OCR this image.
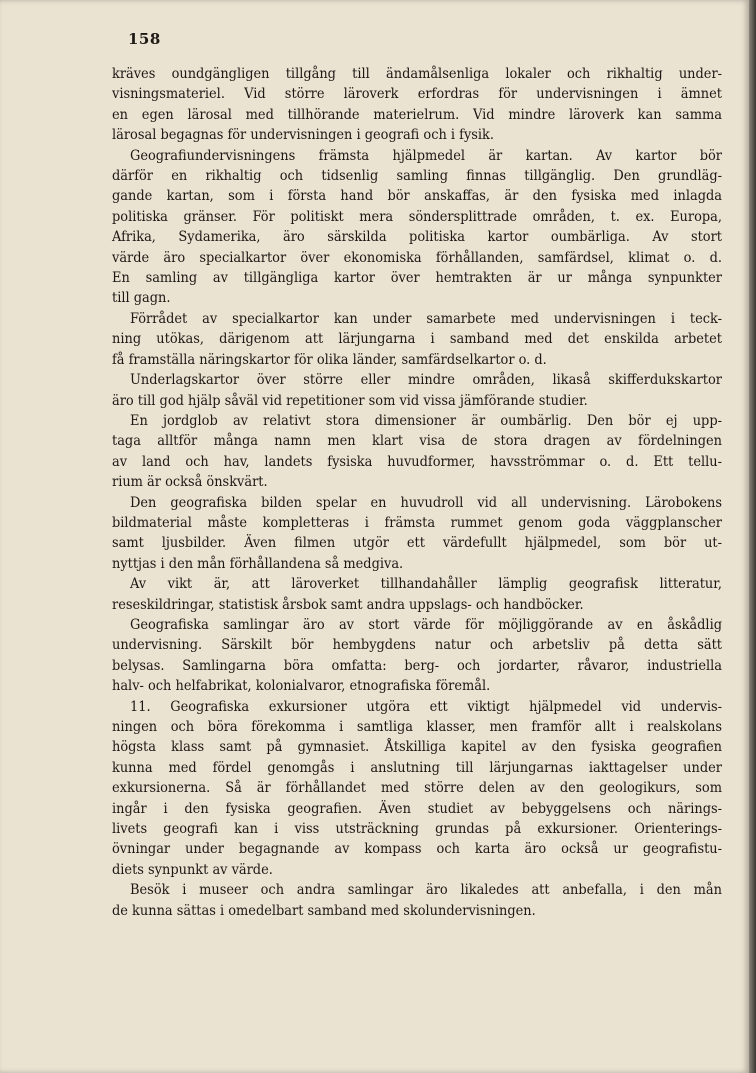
158

kräves oundgängligen tillgång till ändamålsenliga lokaler och rikhaltig under-
visningsmateriel. Vid större läroverk erfordras för undervisningen i ämnet
en egen lärosal med tillhörande materielrum. Vid mindre läroverk kan samma
lärosal begagnas för undervisningen i geografi och i fysik.

Geografiundervisningens främsta hjälpmedel är kartan. Av kartor bör
därför en rikhaltig och tidsenlig samling finnas tillgänglig. Den grundläg-
gande kartan, som i första hand bör anskaffas, är den fysiska med inlagda
politiska gränser. För politiskt mera söndersplittrade områden, t. ex. Europa,
Afrika, Sydamerika, äro särskilda politiska kartor oumbärliga. Av stort
värde äro specialkartor över ekonomiska förhållanden, samfärdsel, klimat o. d.
En samling av tillgängliga kartor över hemtrakten är ur många synpunkter
till gagn.

Förrådet av specialkartor kan under samarbete med undervisningen i teck-
ning utökas, därigenom att lärjungarna i samband med det enskilda arbetet
få framställa näringskartor för olika länder, samfärdselkartor o. d.

Underlagskartor över större eller mindre områden, likaså skifferdukskartor
äro till god hjälp såväl vid repetitioner som vid vissa jämförande studier.

En jordglob av relativt stora dimensioner är oumbärlig. Den bör ej upp-
taga alltför många namn men klart visa de stora dragen av fördelningen
av land och hav, landets fysiska huvudformer, havsströmmar o. d. Ett tellu-
rium är också önskvärt.

Den geografiska bilden spelar en huvudroll vid all undervisning. Lärobokens
bildmaterial måste kompletteras i främsta rummet genom goda väggplanscher
samt ljusbilder. Även filmen utgör ett värdefullt hjälpmedel, som bör ut-
nyttjas i den mån förhållandena så medgiva.

Av vikt är, att läroverket tillhandahåller lämplig geografisk litteratur,
reseskildringar, statistisk årsbok samt andra uppslags- och handböcker.

Geografiska samlingar äro av stort värde för möjliggörande av en åskådlig
undervisning. Särskilt bör hembygdens natur och arbetsliv på detta sätt
belysas. Samlingarna böra omfatta: berg- och jordarter, råvaror, industriella
halv- och helfabrikat, kolonialvaror, etnografiska föremål.

11. Geografiska exkursioner utgöra ett viktigt hjälpmedel vid undervis-
ningen och böra förekomma i samtliga klasser, men framför allt i realskolans
högsta klass samt på gymnasiet. Åtskilliga kapitel av den fysiska geografien
kunna med fördel genomgås i anslutning till lärjungarnas iakttagelser under
exkursionerna. Så är förhållandet med större delen av den geologikurs, som
ingår i den fysiska geografien. Även studiet av bebyggelsens och närings-
livets geografi kan i viss utsträckning grundas på exkursioner. Orienterings-
övningar under begagnande av kompass och karta äro också ur geografistu-
diets synpunkt av värde.

Besök i museer och andra samlingar äro likaledes att anbefalla, i den mån
de kunna sättas i omedelbart samband med skolundervisningen.
